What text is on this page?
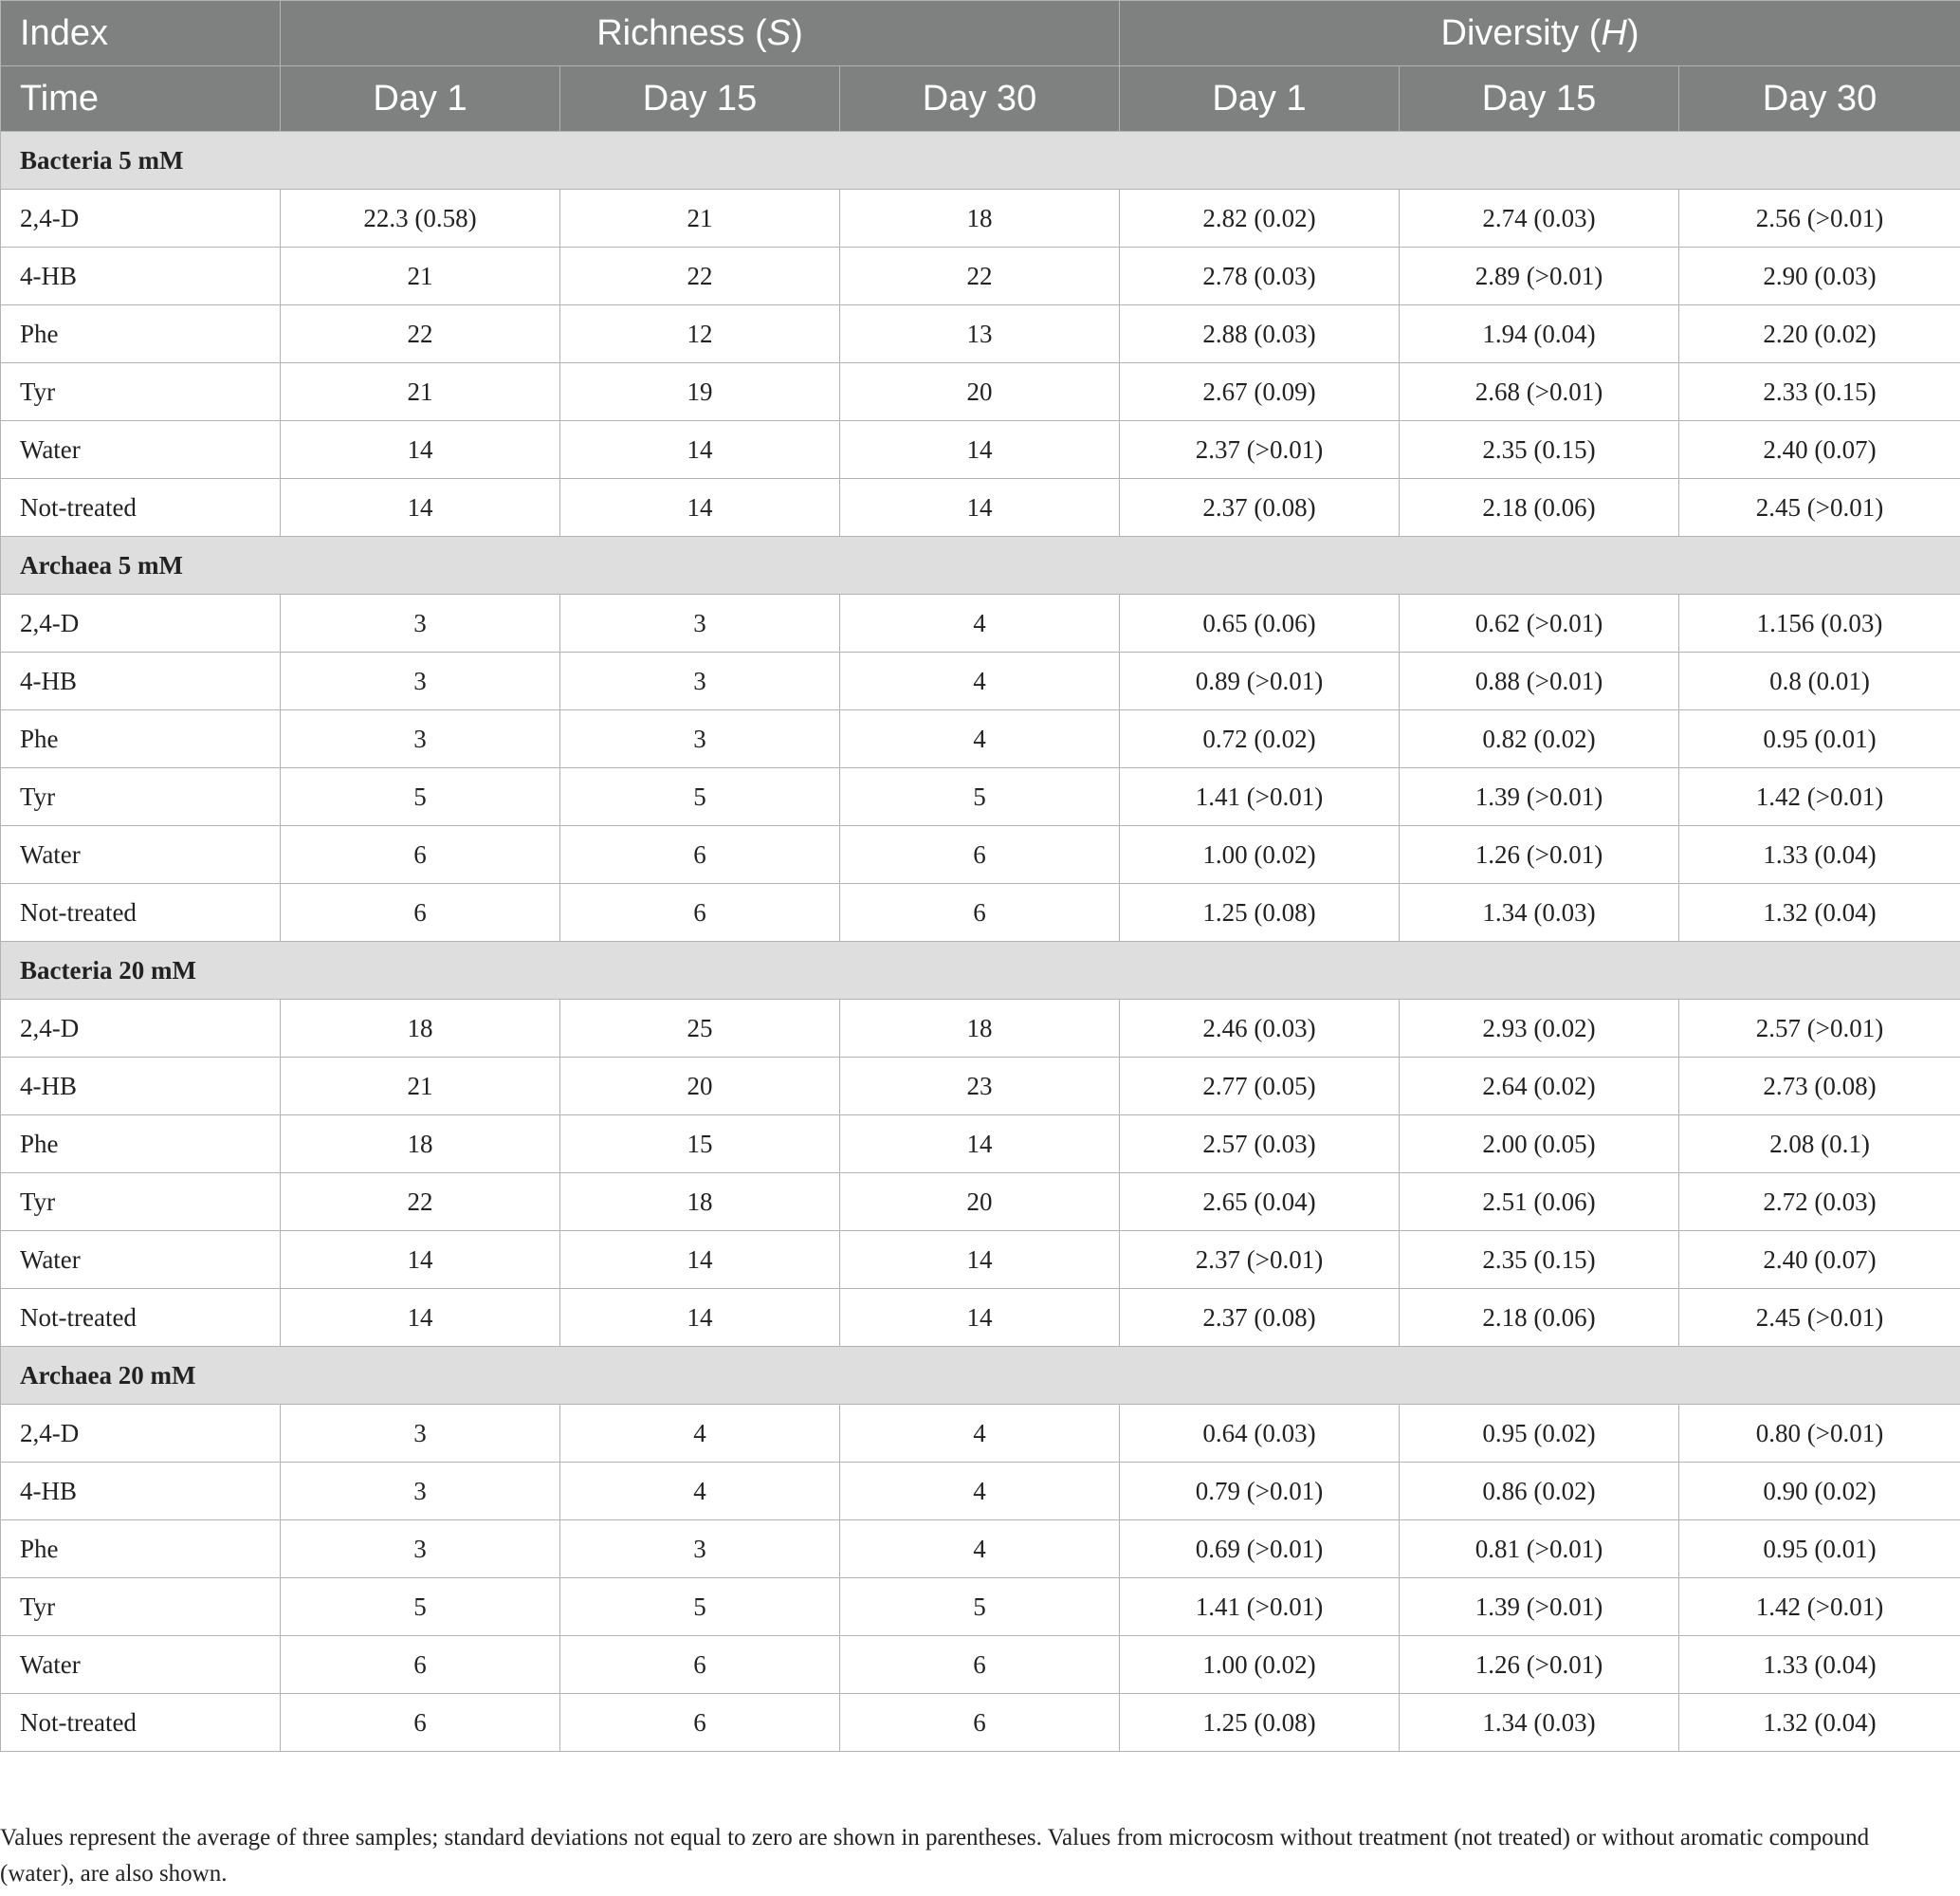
Index	Richness (S)			Diversity (H)		
Time	Day 1	Day 15	Day 30	Day 1	Day 15	Day 30
Bacteria 5 mM						
2,4-D	22.3 (0.58)	21	18	2.82 (0.02)	2.74 (0.03)	2.56 (>0.01)
4-HB	21	22	22	2.78 (0.03)	2.89 (>0.01)	2.90 (0.03)
Phe	22	12	13	2.88 (0.03)	1.94 (0.04)	2.20 (0.02)
Tyr	21	19	20	2.67 (0.09)	2.68 (>0.01)	2.33 (0.15)
Water	14	14	14	2.37 (>0.01)	2.35 (0.15)	2.40 (0.07)
Not-treated	14	14	14	2.37 (0.08)	2.18 (0.06)	2.45 (>0.01)
Archaea 5 mM						
2,4-D	3	3	4	0.65 (0.06)	0.62 (>0.01)	1.156 (0.03)
4-HB	3	3	4	0.89 (>0.01)	0.88 (>0.01)	0.8 (0.01)
Phe	3	3	4	0.72 (0.02)	0.82 (0.02)	0.95 (0.01)
Tyr	5	5	5	1.41 (>0.01)	1.39 (>0.01)	1.42 (>0.01)
Water	6	6	6	1.00 (0.02)	1.26 (>0.01)	1.33 (0.04)
Not-treated	6	6	6	1.25 (0.08)	1.34 (0.03)	1.32 (0.04)
Bacteria 20 mM						
2,4-D	18	25	18	2.46 (0.03)	2.93 (0.02)	2.57 (>0.01)
4-HB	21	20	23	2.77 (0.05)	2.64 (0.02)	2.73 (0.08)
Phe	18	15	14	2.57 (0.03)	2.00 (0.05)	2.08 (0.1)
Tyr	22	18	20	2.65 (0.04)	2.51 (0.06)	2.72 (0.03)
Water	14	14	14	2.37 (>0.01)	2.35 (0.15)	2.40 (0.07)
Not-treated	14	14	14	2.37 (0.08)	2.18 (0.06)	2.45 (>0.01)
Archaea 20 mM						
2,4-D	3	4	4	0.64 (0.03)	0.95 (0.02)	0.80 (>0.01)
4-HB	3	4	4	0.79 (>0.01)	0.86 (0.02)	0.90 (0.02)
Phe	3	3	4	0.69 (>0.01)	0.81 (>0.01)	0.95 (0.01)
Tyr	5	5	5	1.41 (>0.01)	1.39 (>0.01)	1.42 (>0.01)
Water	6	6	6	1.00 (0.02)	1.26 (>0.01)	1.33 (0.04)
Not-treated	6	6	6	1.25 (0.08)	1.34 (0.03)	1.32 (0.04)
Values represent the average of three samples; standard deviations not equal to zero are shown in parentheses. Values from microcosm without treatment (not treated) or without aromatic compound (water), are also shown.
